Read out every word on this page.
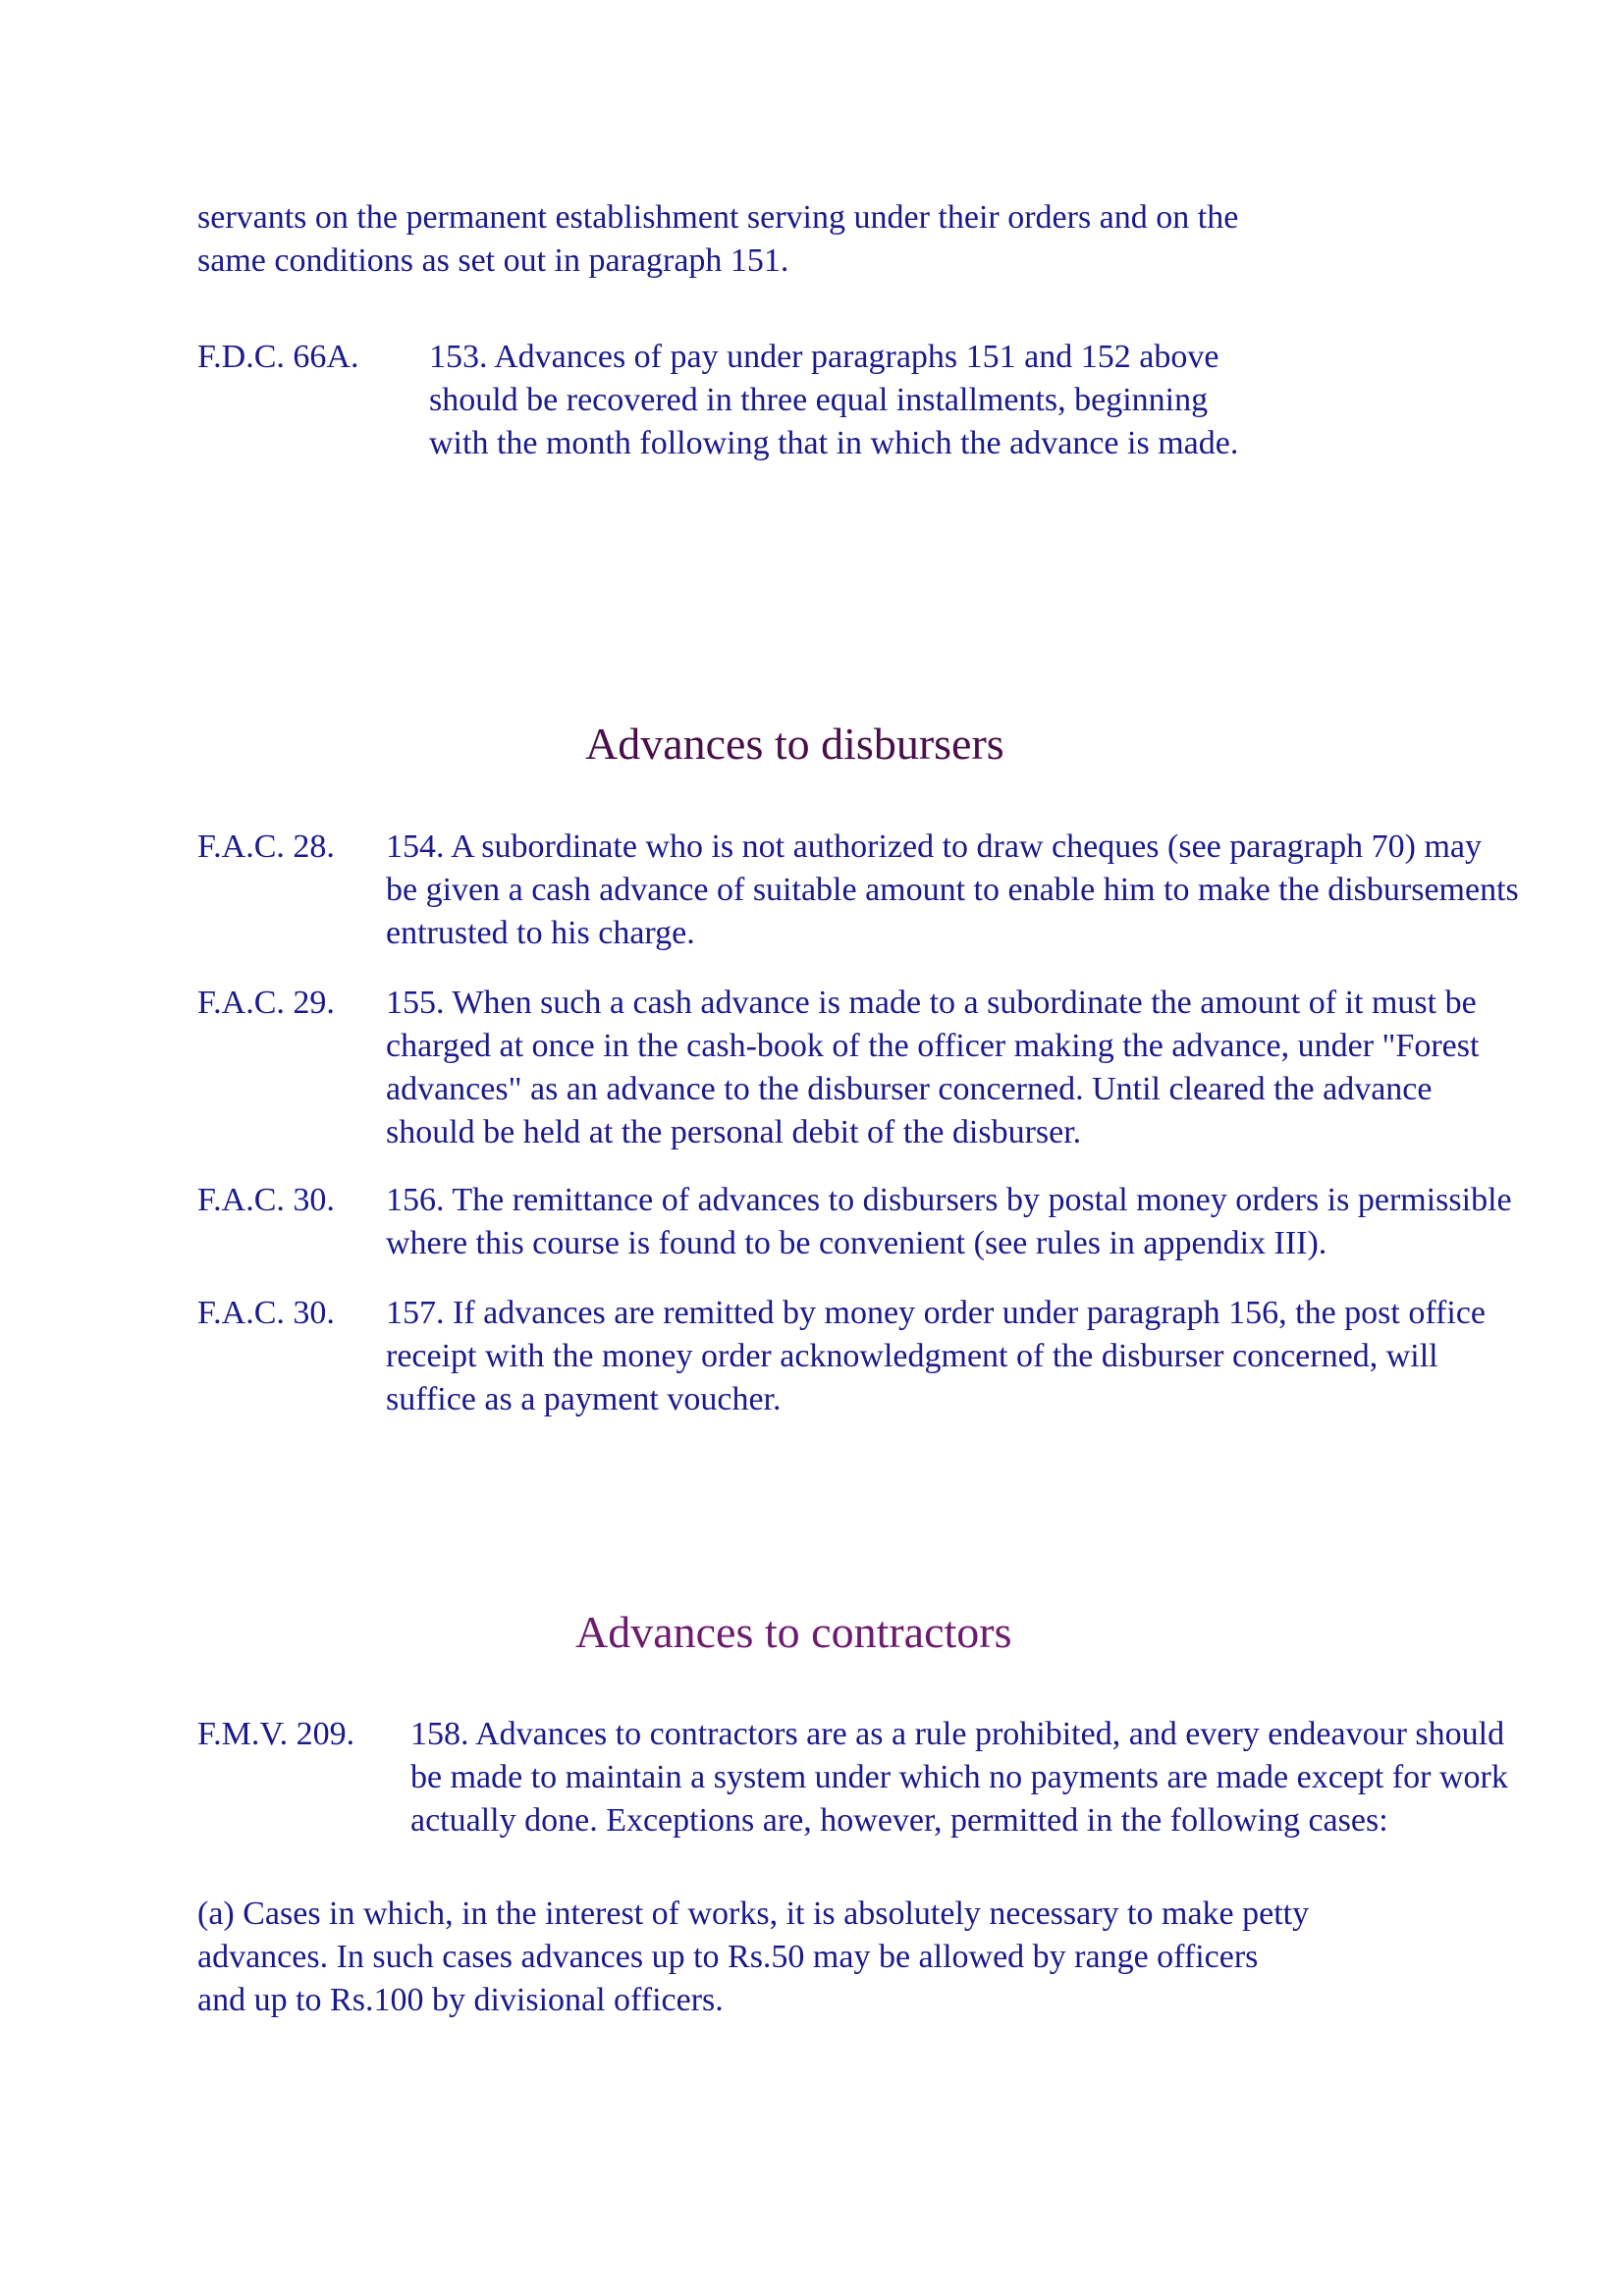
servants on the permanent establishment serving under their orders and on the
same conditions as set out in paragraph 151.
F.D.C. 66A. 153. Advances of pay under paragraphs 151 and 152 above
should be recovered in three equal installments, beginning
with the month following that in which the advance is made.
Advances to disbursers
F.A.C. 28. 154. A subordinate who is not authorized to draw cheques (see paragraph 70) may
be given a cash advance of suitable amount to enable him to make the disbursements
entrusted to his charge.
F.A.C. 29. 155. When such a cash advance is made to a subordinate the amount of it must be
charged at once in the cash-book of the officer making the advance, under "Forest
advances" as an advance to the disburser concerned. Until cleared the advance
should be held at the personal debit of the disburser.
F.A.C. 30. 156. The remittance of advances to disbursers by postal money orders is permissible
where this course is found to be convenient (see rules in appendix III).
F.A.C. 30. 157. If advances are remitted by money order under paragraph 156, the post office
receipt with the money order acknowledgment of the disburser concerned, will
suffice as a payment voucher.
Advances to contractors
F.M.V. 209. 158. Advances to contractors are as a rule prohibited, and every endeavour should
be made to maintain a system under which no payments are made except for work
actually done. Exceptions are, however, permitted in the following cases:
(a) Cases in which, in the interest of works, it is absolutely necessary to make petty
advances. In such cases advances up to Rs.50 may be allowed by range officers
and up to Rs.100 by divisional officers.
